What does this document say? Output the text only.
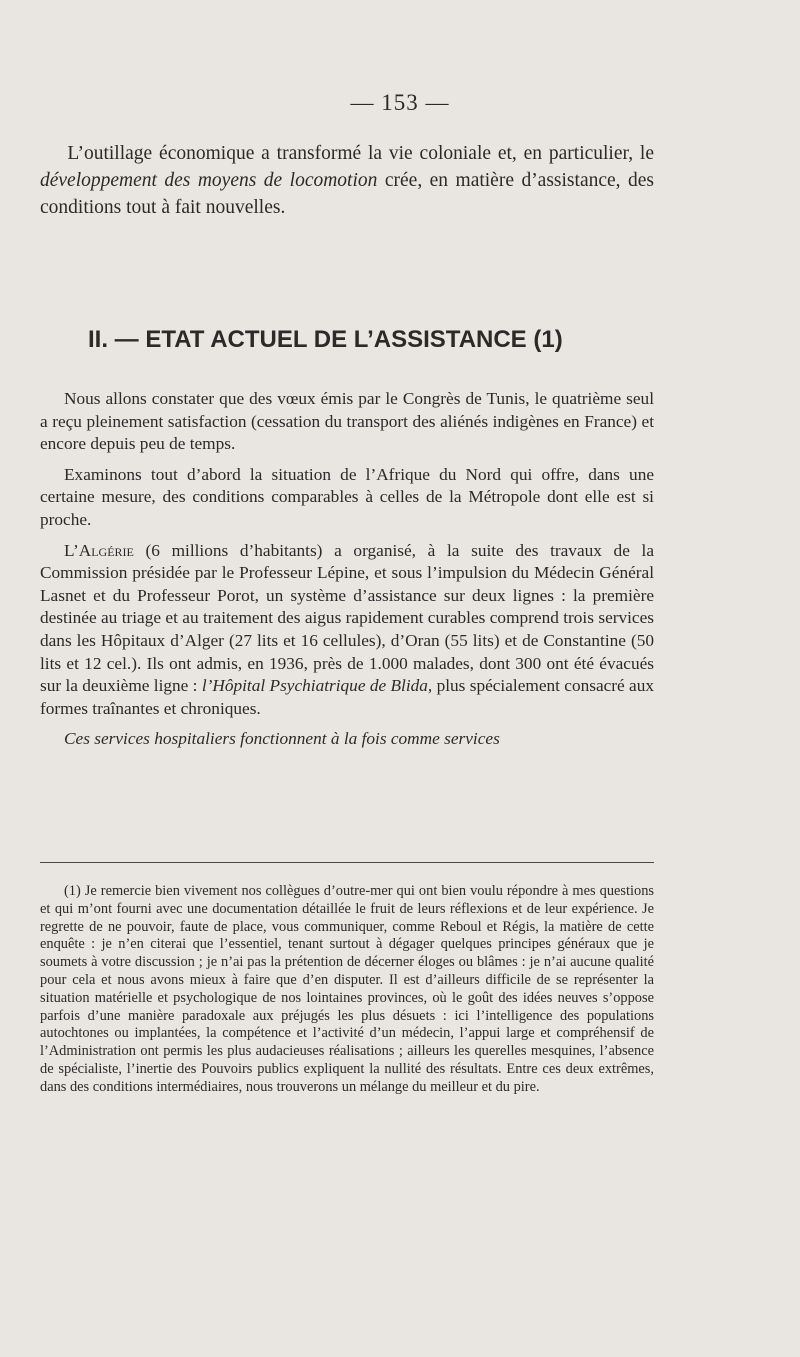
— 153 —
L’outillage économique a transformé la vie coloniale et, en particulier, le développement des moyens de locomotion crée, en matière d’assistance, des conditions tout à fait nouvelles.
II. — ETAT ACTUEL DE L’ASSISTANCE (1)

Nous allons constater que des vœux émis par le Congrès de Tunis, le quatrième seul a reçu pleinement satisfaction (cessation du transport des aliénés indigènes en France) et encore depuis peu de temps.

Examinons tout d’abord la situation de l’Afrique du Nord qui offre, dans une certaine mesure, des conditions comparables à celles de la Métropole dont elle est si proche.

L’Algérie (6 millions d’habitants) a organisé, à la suite des travaux de la Commission présidée par le Professeur Lépine, et sous l’impulsion du Médecin Général Lasnet et du Professeur Porot, un système d’assistance sur deux lignes : la première destinée au triage et au traitement des aigus rapidement curables comprend trois services dans les Hôpitaux d’Alger (27 lits et 16 cellules), d’Oran (55 lits) et de Constantine (50 lits et 12 cel.). Ils ont admis, en 1936, près de 1.000 malades, dont 300 ont été évacués sur la deuxième ligne : l’Hôpital Psychiatrique de Blida, plus spécialement consacré aux formes traînantes et chroniques.

Ces services hospitaliers fonctionnent à la fois comme services

(1) Je remercie bien vivement nos collègues d’outre-mer qui ont bien voulu répondre à mes questions et qui m’ont fourni avec une documentation détaillée le fruit de leurs réflexions et de leur expérience. Je regrette de ne pouvoir, faute de place, vous communiquer, comme Reboul et Régis, la matière de cette enquête : je n’en citerai que l’essentiel, tenant surtout à dégager quelques principes généraux que je soumets à votre discussion ; je n’ai pas la prétention de décerner éloges ou blâmes : je n’ai aucune qualité pour cela et nous avons mieux à faire que d’en disputer. Il est d’ailleurs difficile de se représenter la situation matérielle et psychologique de nos lointaines provinces, où le goût des idées neuves s’oppose parfois d’une manière paradoxale aux préjugés les plus désuets : ici l’intelligence des populations autochtones ou implantées, la compétence et l’activité d’un médecin, l’appui large et compréhensif de l’Administration ont permis les plus audacieuses réalisations ; ailleurs les querelles mesquines, l’absence de spécialiste, l’inertie des Pouvoirs publics expliquent la nullité des résultats. Entre ces deux extrêmes, dans des conditions intermédiaires, nous trouverons un mélange du meilleur et du pire.
